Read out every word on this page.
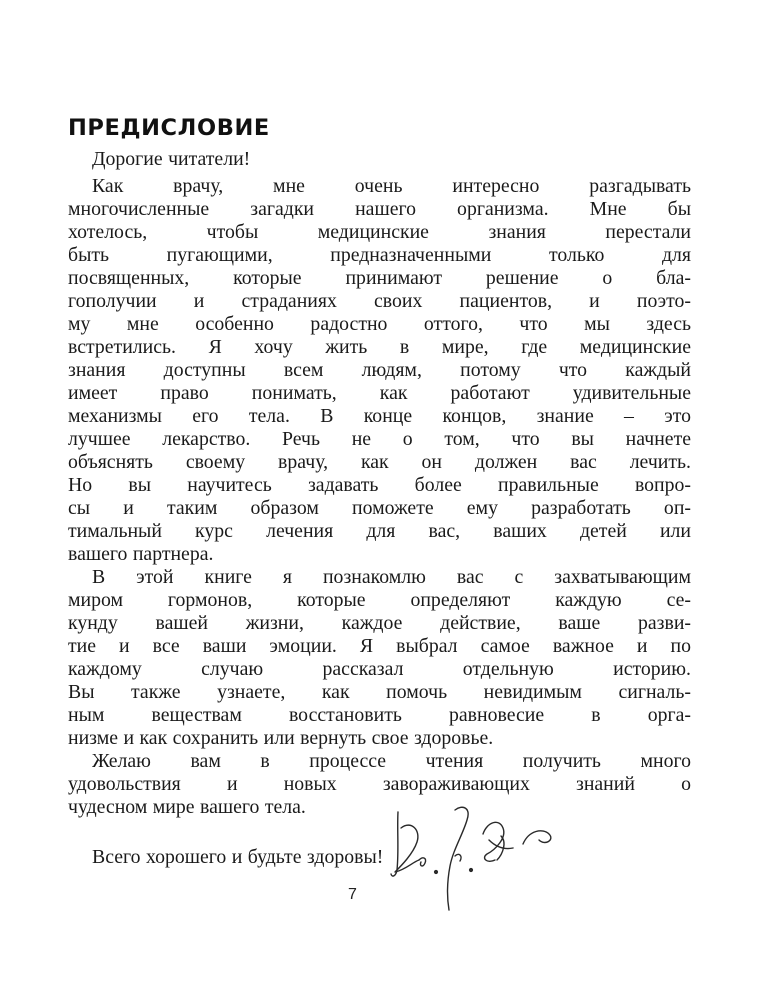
ПРЕДИСЛОВИЕ
Дорогие читатели!
Как врачу, мне очень интересно разгадывать
многочисленные загадки нашего организма. Мне бы
хотелось, чтобы медицинские знания перестали
быть пугающими, предназначенными только для
посвященных, которые принимают решение о бла-
гополучии и страданиях своих пациентов, и поэто-
му мне особенно радостно оттого, что мы здесь
встретились. Я хочу жить в мире, где медицинские
знания доступны всем людям, потому что каждый
имеет право понимать, как работают удивительные
механизмы его тела. В конце концов, знание – это
лучшее лекарство. Речь не о том, что вы начнете
объяснять своему врачу, как он должен вас лечить.
Но вы научитесь задавать более правильные вопро-
сы и таким образом поможете ему разработать оп-
тимальный курс лечения для вас, ваших детей или
вашего партнера.
В этой книге я познакомлю вас с захватывающим
миром гормонов, которые определяют каждую се-
кунду вашей жизни, каждое действие, ваше разви-
тие и все ваши эмоции. Я выбрал самое важное и по
каждому случаю рассказал отдельную историю.
Вы также узнаете, как помочь невидимым сигналь-
ным веществам восстановить равновесие в орга-
низме и как сохранить или вернуть свое здоровье.
Желаю вам в процессе чтения получить много
удовольствия и новых завораживающих знаний о
чудесном мире вашего тела.
Всего хорошего и будьте здоровы!
7
